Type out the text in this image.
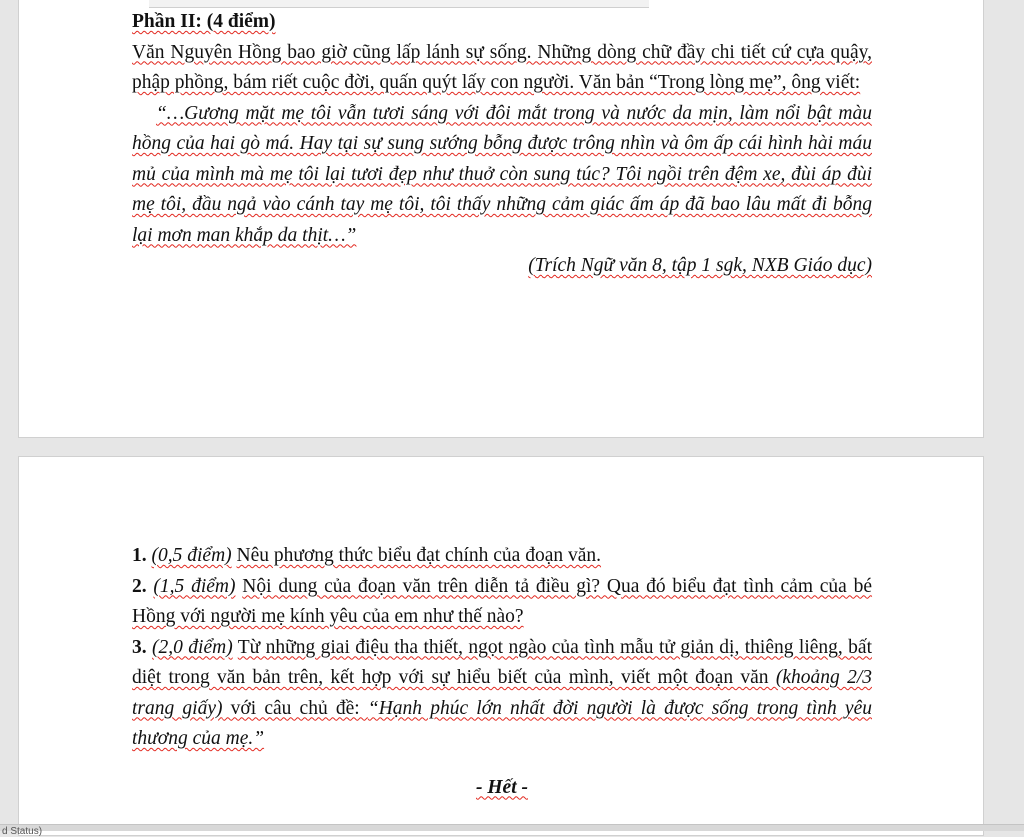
Phần II: (4 điểm)

Văn Nguyên Hồng bao giờ cũng lấp lánh sự sống. Những dòng chữ đầy chi tiết cứ cựa quậy, phập phồng, bám riết cuộc đời, quấn quýt lấy con người. Văn bản “Trong lòng mẹ”, ông viết:

“…Gương mặt mẹ tôi vẫn tươi sáng với đôi mắt trong và nước da mịn, làm nổi bật màu hồng của hai gò má. Hay tại sự sung sướng bỗng được trông nhìn và ôm ấp cái hình hài máu mủ của mình mà mẹ tôi lại tươi đẹp như thuở còn sung túc? Tôi ngồi trên đệm xe, đùi áp đùi mẹ tôi, đầu ngả vào cánh tay mẹ tôi, tôi thấy những cảm giác ấm áp đã bao lâu mất đi bỗng lại mơn man khắp da thịt…”

(Trích Ngữ văn 8, tập 1 sgk, NXB Giáo dục)

1. (0,5 điểm) Nêu phương thức biểu đạt chính của đoạn văn.

2. (1,5 điểm) Nội dung của đoạn văn trên diễn tả điều gì? Qua đó biểu đạt tình cảm của bé Hồng với người mẹ kính yêu của em như thế nào?

3. (2,0 điểm) Từ những giai điệu tha thiết, ngọt ngào của tình mẫu tử giản dị, thiêng liêng, bất diệt trong văn bản trên, kết hợp với sự hiểu biết của mình, viết một đoạn văn (khoảng 2/3 trang giấy) với câu chủ đề: “Hạnh phúc lớn nhất đời người là được sống trong tình yêu thương của mẹ.”

- Hết -

d Status)
